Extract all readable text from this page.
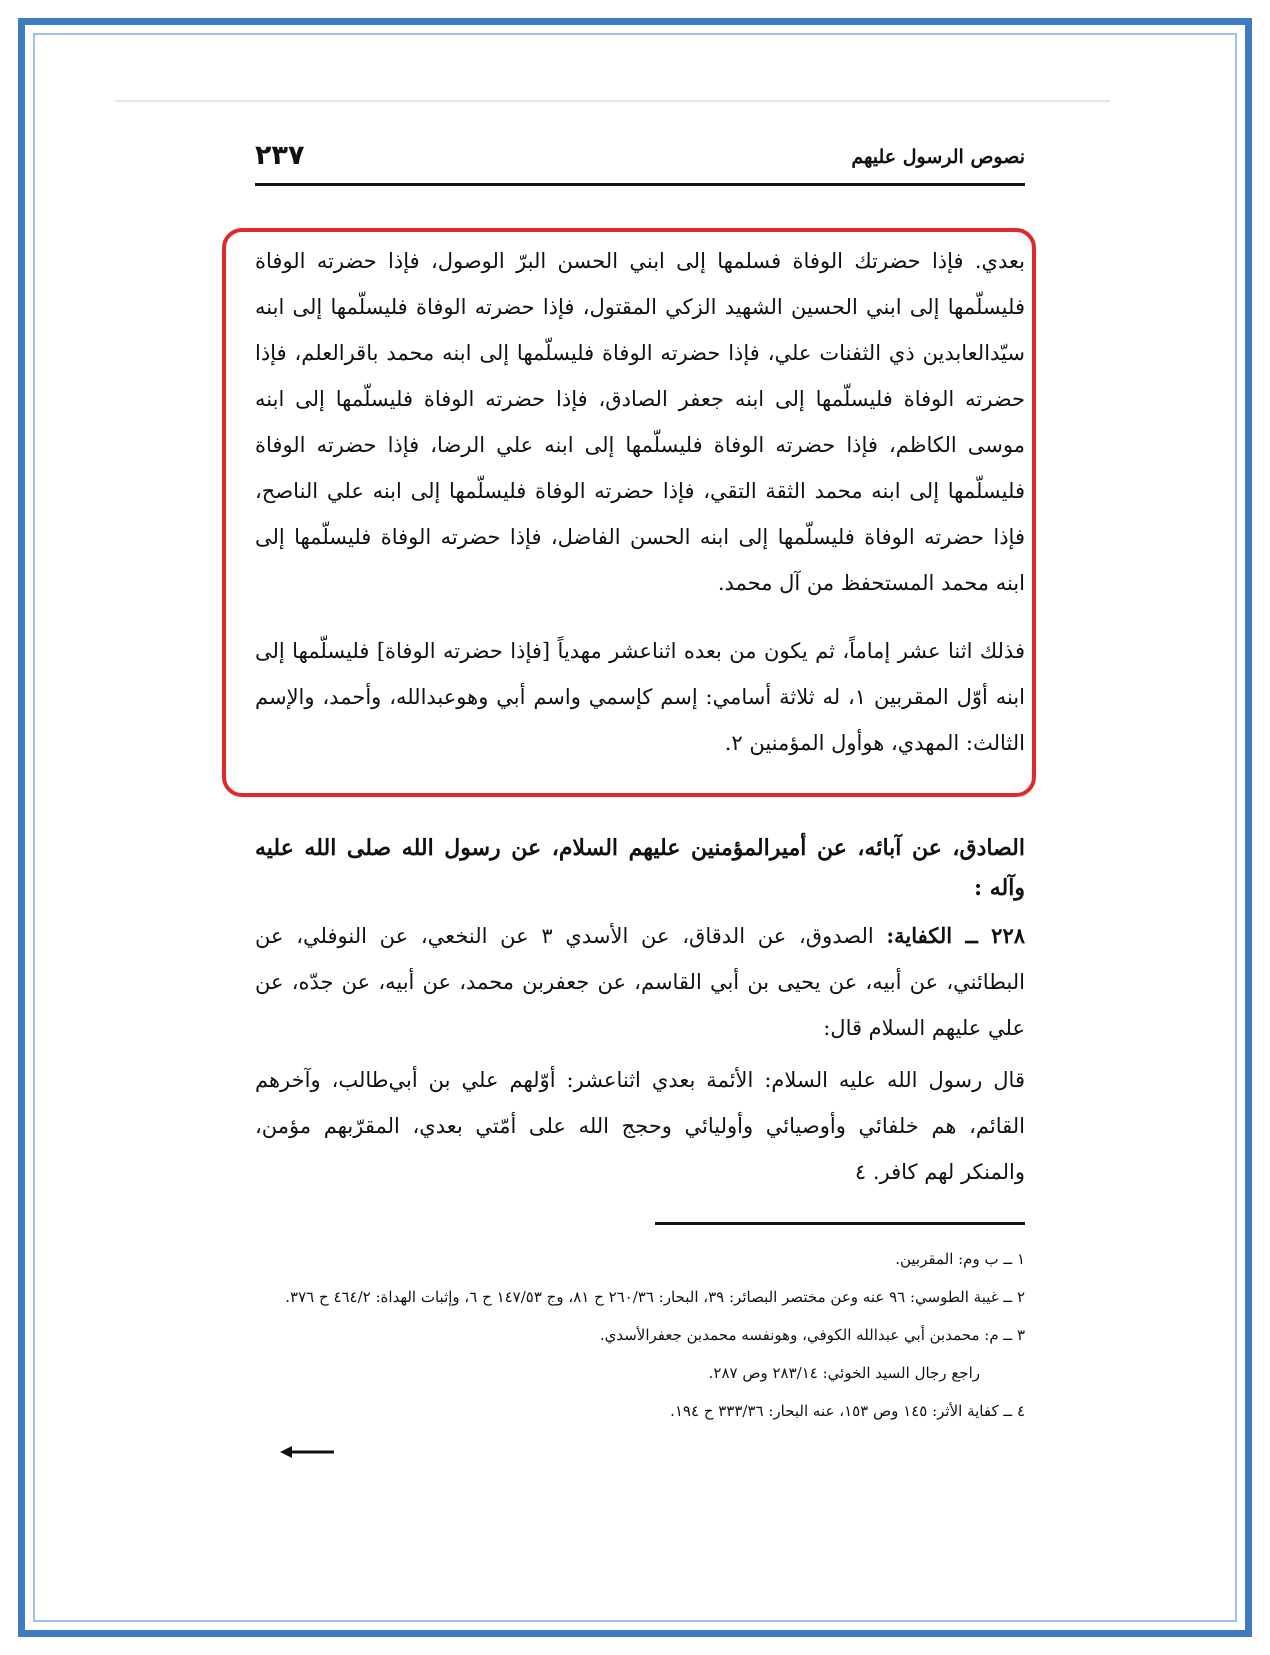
نصوص الرسول عليهم
٢٣٧

بعدي. فإذا حضرتك الوفاة فسلمها إلى ابني الحسن البرّ الوصول، فإذا حضرته الوفاة فليسلّمها إلى ابني الحسين الشهيد الزكي المقتول، فإذا حضرته الوفاة فليسلّمها إلى ابنه سيّدالعابدين ذي الثفنات علي، فإذا حضرته الوفاة فليسلّمها إلى ابنه محمد باقرالعلم، فإذا حضرته الوفاة فليسلّمها إلى ابنه جعفر الصادق، فإذا حضرته الوفاة فليسلّمها إلى ابنه موسى الكاظم، فإذا حضرته الوفاة فليسلّمها إلى ابنه علي الرضا، فإذا حضرته الوفاة فليسلّمها إلى ابنه محمد الثقة التقي، فإذا حضرته الوفاة فليسلّمها إلى ابنه علي الناصح، فإذا حضرته الوفاة فليسلّمها إلى ابنه الحسن الفاضل، فإذا حضرته الوفاة فليسلّمها إلى ابنه محمد المستحفظ من آل محمد.

فذلك اثنا عشر إماماً، ثم يكون من بعده اثناعشر مهدياً [فإذا حضرته الوفاة] فليسلّمها إلى ابنه أوّل المقربين ١، له ثلاثة أسامي: إسم كإسمي واسم أبي وهوعبدالله، وأحمد، والإسم الثالث: المهدي، هوأول المؤمنين ٢.

الصادق، عن آبائه، عن أميرالمؤمنين عليهم السلام، عن رسول الله صلى الله عليه وآله :

٢٢٨ ــ الكفاية: الصدوق، عن الدقاق، عن الأسدي ٣ عن النخعي، عن النوفلي، عن البطائني، عن أبيه، عن يحيى بن أبي القاسم، عن جعفربن محمد، عن أبيه، عن جدّه، عن علي عليهم السلام قال:

قال رسول الله عليه السلام: الأئمة بعدي اثناعشر: أوّلهم علي بن أبي‌طالب، وآخرهم القائم، هم خلفائي وأوصيائي وأوليائي وحجج الله على أمّتي بعدي، المقرّبهم مؤمن، والمنكر لهم كافر. ٤

١ ــ ب وم: المقربين.

٢ ــ غيبة الطوسي: ٩٦ عنه وعن مختصر البصائر: ٣٩، البحار: ٢٦٠/٣٦ ح ٨١، وج ١٤٧/٥٣ ح ٦، وإثبات الهداة: ٤٦٤/٢ ح ٣٧٦.

٣ ــ م: محمدبن أبي عبدالله الكوفي، وهونفسه محمدبن جعفرالأسدي.

راجع رجال السيد الخوئي: ٢٨٣/١٤ وص ٢٨٧.

٤ ــ كفاية الأثر: ١٤٥ وص ١٥٣، عنه البحار: ٣٣٣/٣٦ ح ١٩٤.
